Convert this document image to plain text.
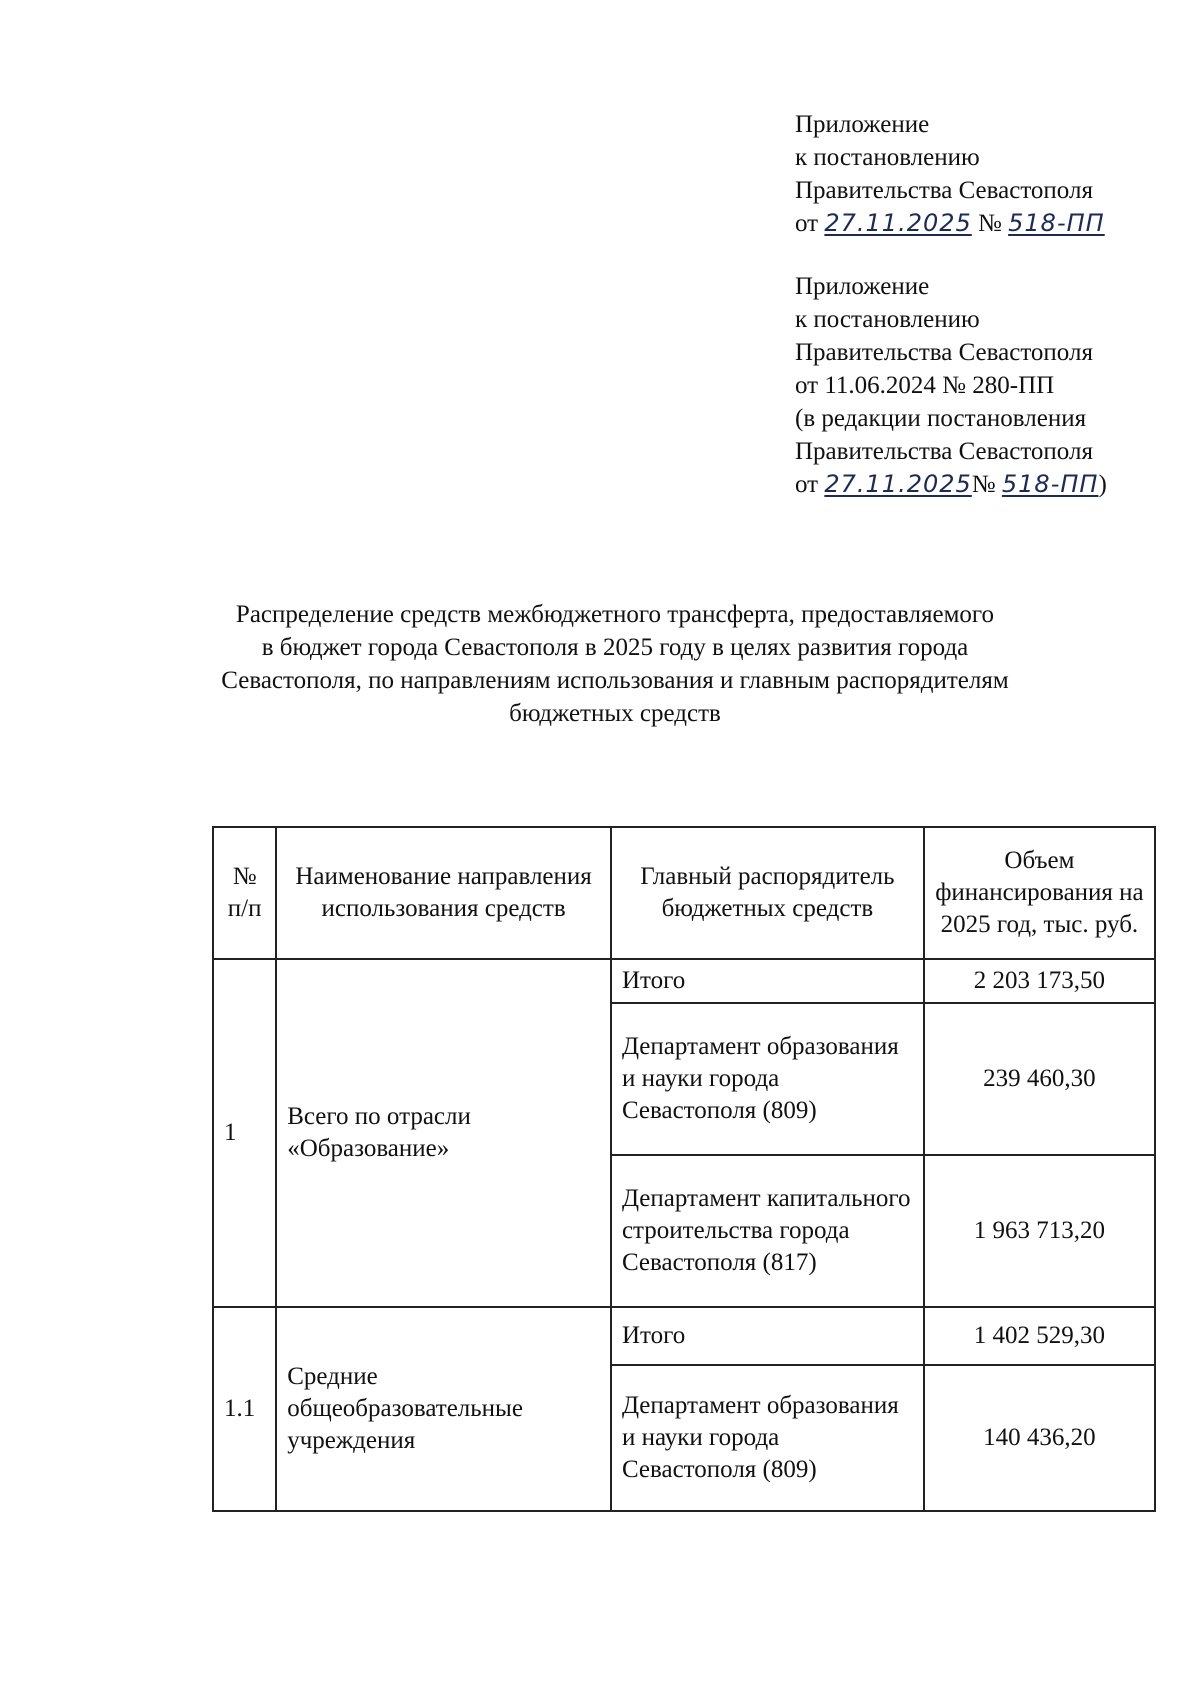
Приложение
к постановлению
Правительства Севастополя
от 27.11.2025 № 518-ПП
Приложение
к постановлению
Правительства Севастополя
от 11.06.2024 № 280-ПП
(в редакции постановления
Правительства Севастополя
от 27.11.2025№ 518-ПП)
Распределение средств межбюджетного трансферта, предоставляемого
в бюджет города Севастополя в 2025 году в целях развития города
Севастополя, по направлениям использования и главным распорядителям
бюджетных средств
№ п/п	Наименование направления использования средств	Главный распорядитель бюджетных средств	Объем финансирования на 2025 год, тыс. руб.
1	Всего по отрасли «Образование»	Итого	2 203 173,50
		Департамент образования и науки города Севастополя (809)	239 460,30
		Департамент капитального строительства города Севастополя (817)	1 963 713,20
1.1	Средние общеобразовательные учреждения	Итого	1 402 529,30
		Департамент образования и науки города Севастополя (809)	140 436,20
